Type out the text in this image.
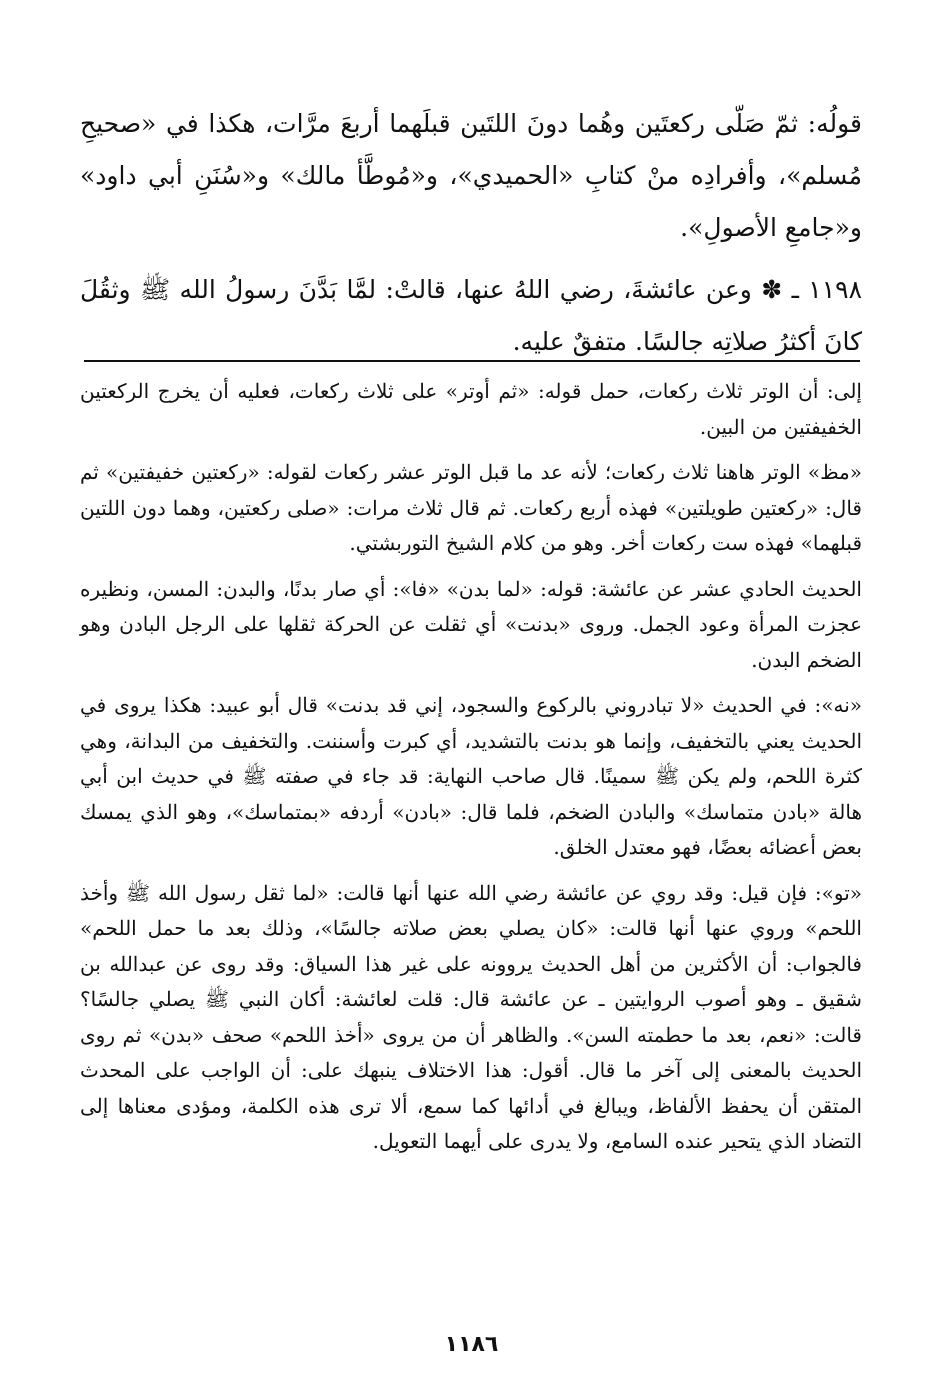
قولُه: ثمّ صَلّى ركعتَين وهُما دونَ اللتَين قبلَهما أربعَ مرَّات، هكذا في «صحيحِ مُسلم»، وأفرادِه منْ كتابِ «الحميدي»، و«مُوطَّأ مالك» و«سُنَنِ أبي داود» و«جامعِ الأصولِ».

١١٩٨ ـ ✽ وعن عائشةَ، رضي اللهُ عنها، قالتْ: لمَّا بَدَّنَ رسولُ الله ﷺ وثقُلَ كانَ أكثرُ صلاتِه جالسًا. متفقٌ عليه.

إلى: أن الوتر ثلاث ركعات، حمل قوله: «ثم أوتر» على ثلاث ركعات، فعليه أن يخرج الركعتين الخفيفتين من البين.

«مظ» الوتر هاهنا ثلاث ركعات؛ لأنه عد ما قبل الوتر عشر ركعات لقوله: «ركعتين خفيفتين» ثم قال: «ركعتين طويلتين» فهذه أربع ركعات. ثم قال ثلاث مرات: «صلى ركعتين، وهما دون اللتين قبلهما» فهذه ست ركعات أخر. وهو من كلام الشيخ التوربشتي.

الحديث الحادي عشر عن عائشة: قوله: «لما بدن» «فا»: أي صار بدنًا، والبدن: المسن، ونظيره عجزت المرأة وعود الجمل. وروى «بدنت» أي ثقلت عن الحركة ثقلها على الرجل البادن وهو الضخم البدن.

«نه»: في الحديث «لا تبادروني بالركوع والسجود، إني قد بدنت» قال أبو عبيد: هكذا يروى في الحديث يعني بالتخفيف، وإنما هو بدنت بالتشديد، أي كبرت وأسننت. والتخفيف من البدانة، وهي كثرة اللحم، ولم يكن ﷺ سمينًا. قال صاحب النهاية: قد جاء في صفته ﷺ في حديث ابن أبي هالة «بادن متماسك» والبادن الضخم، فلما قال: «بادن» أردفه «بمتماسك»، وهو الذي يمسك بعض أعضائه بعضًا، فهو معتدل الخلق.

«تو»: فإن قيل: وقد روي عن عائشة رضي الله عنها أنها قالت: «لما ثقل رسول الله ﷺ وأخذ اللحم» وروي عنها أنها قالت: «كان يصلي بعض صلاته جالسًا»، وذلك بعد ما حمل اللحم» فالجواب: أن الأكثرين من أهل الحديث يروونه على غير هذا السياق: وقد روى عن عبدالله بن شقيق ـ وهو أصوب الروايتين ـ عن عائشة قال: قلت لعائشة: أكان النبي ﷺ يصلي جالسًا؟ قالت: «نعم، بعد ما حطمته السن». والظاهر أن من يروى «أخذ اللحم» صحف «بدن» ثم روى الحديث بالمعنى إلى آخر ما قال. أقول: هذا الاختلاف ينبهك على: أن الواجب على المحدث المتقن أن يحفظ الألفاظ، ويبالغ في أدائها كما سمع، ألا ترى هذه الكلمة، ومؤدى معناها إلى التضاد الذي يتحير عنده السامع، ولا يدرى على أيهما التعويل.

١١٨٦
